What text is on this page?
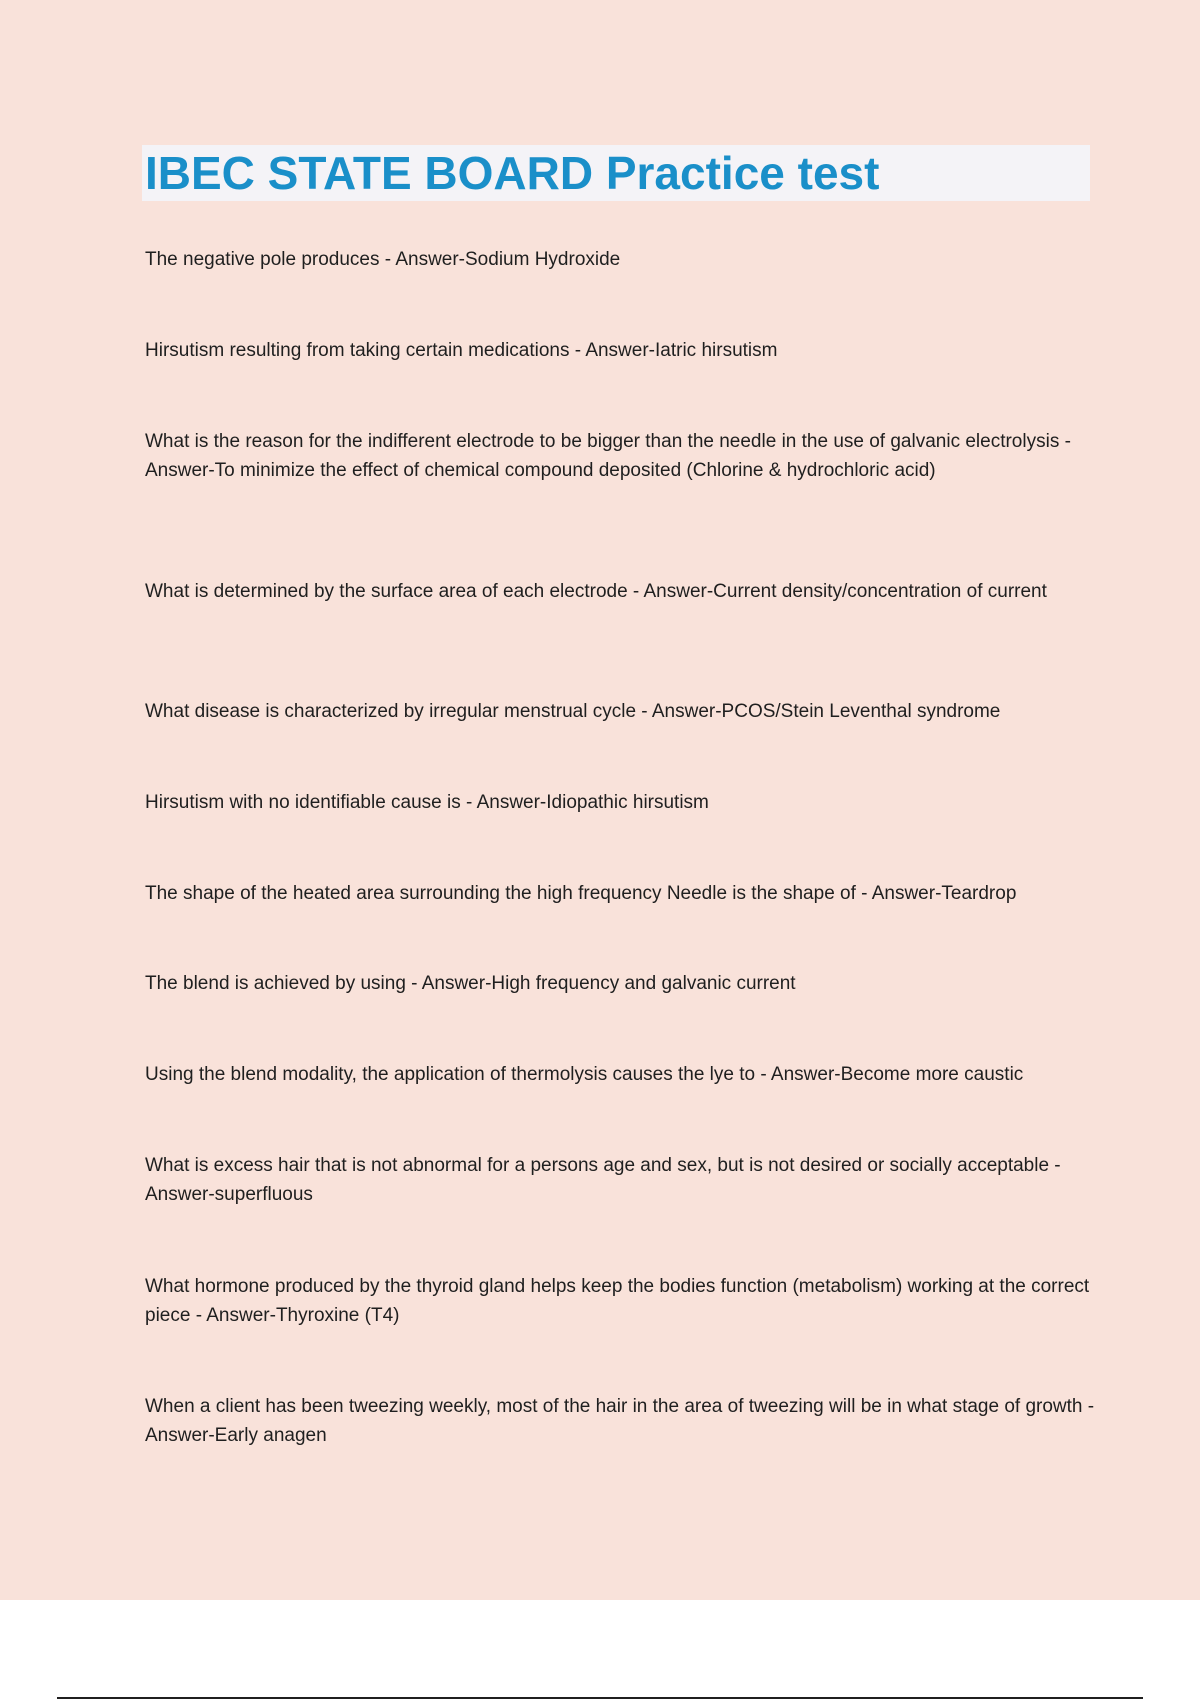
IBEC STATE BOARD Practice test

The negative pole produces - Answer-Sodium Hydroxide

Hirsutism resulting from taking certain medications - Answer-Iatric hirsutism

What is the reason for the indifferent electrode to be bigger than the needle in the use of galvanic electrolysis - Answer-To minimize the effect of chemical compound deposited (Chlorine & hydrochloric acid)

What is determined by the surface area of each electrode - Answer-Current density/concentration of current

What disease is characterized by irregular menstrual cycle - Answer-PCOS/Stein Leventhal syndrome

Hirsutism with no identifiable cause is - Answer-Idiopathic hirsutism

The shape of the heated area surrounding the high frequency Needle is the shape of - Answer-Teardrop

The blend is achieved by using - Answer-High frequency and galvanic current

Using the blend modality, the application of thermolysis causes the lye to - Answer-Become more caustic

What is excess hair that is not abnormal for a persons age and sex, but is not desired or socially acceptable - Answer-superfluous

What hormone produced by the thyroid gland helps keep the bodies function (metabolism) working at the correct piece - Answer-Thyroxine (T4)

When a client has been tweezing weekly, most of the hair in the area of tweezing will be in what stage of growth - Answer-Early anagen
